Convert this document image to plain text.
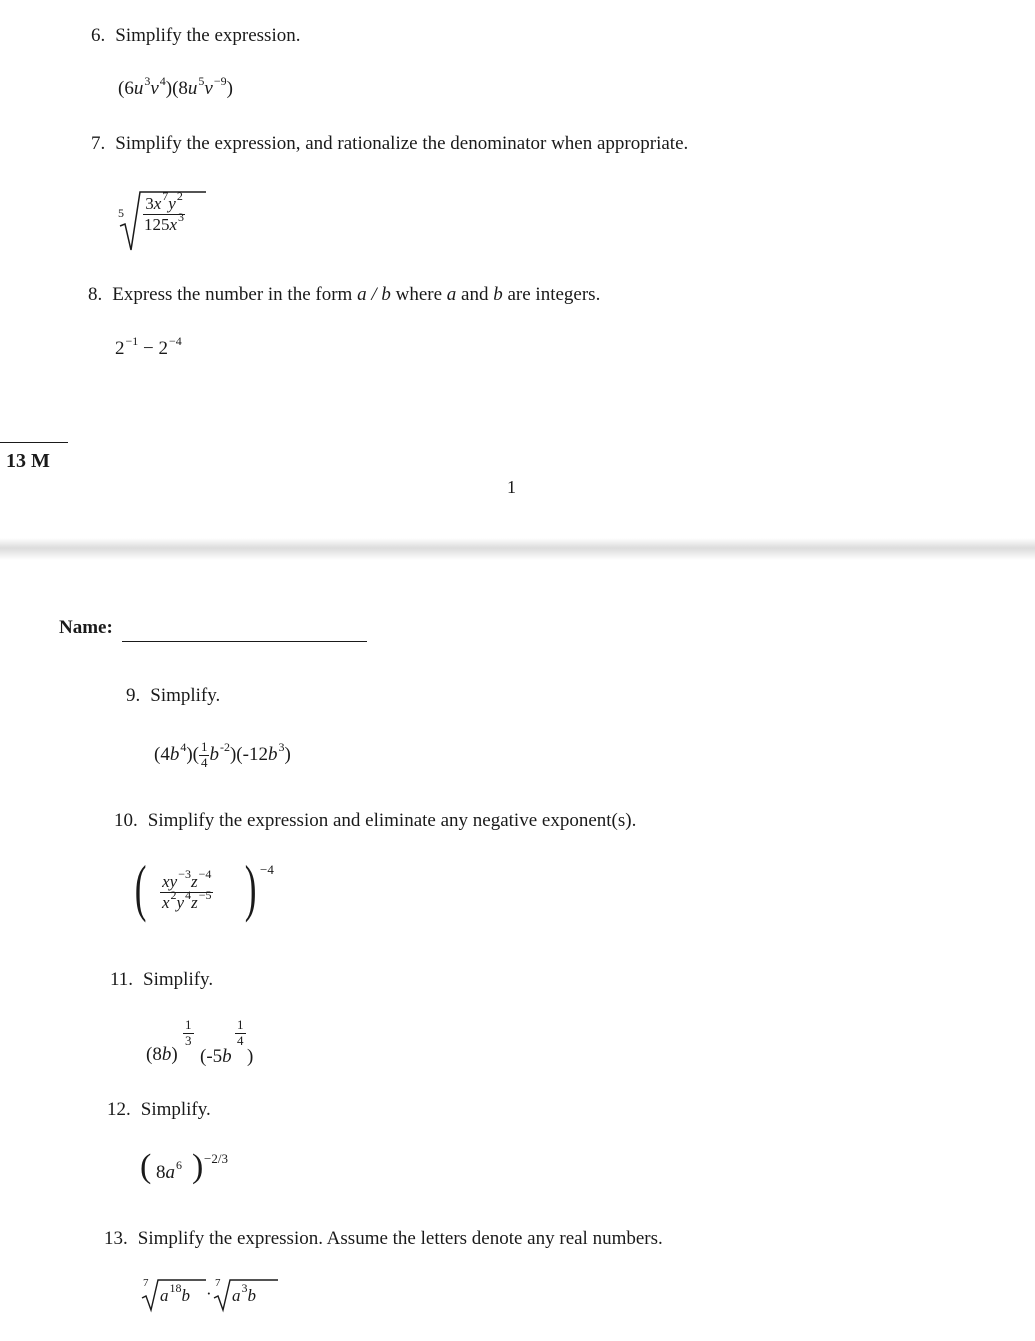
6. Simplify the expression.
$(6u^3v^4)(8u^5v^{-9})$
7. Simplify the expression, and rationalize the denominator when appropriate.
$5 \frac{3x^7y^2}{125x^3}$
8. Express the number in the form a / b where a and b are integers.
$2^{-1} - 2^{-4}$
13 M
1
Name:
9. Simplify.
$(4b^4)( \frac{1}{4} b^{-2})(-12b^3)$
10. Simplify the expression and eliminate any negative exponent(s).
( $\frac{xy^{-3}z^{-4}}{x^2y^4z^{-5}}$ ) −4
11. Simplify.
(8b)
$\frac{1}{3}$
(-5b
$\frac{1}{4}$
)
12. Simplify.
( $8a^6$ ) −2/3
13. Simplify the expression. Assume the letters denote any real numbers.
7
$a^{18}b$ ·
7
$a^3b$
